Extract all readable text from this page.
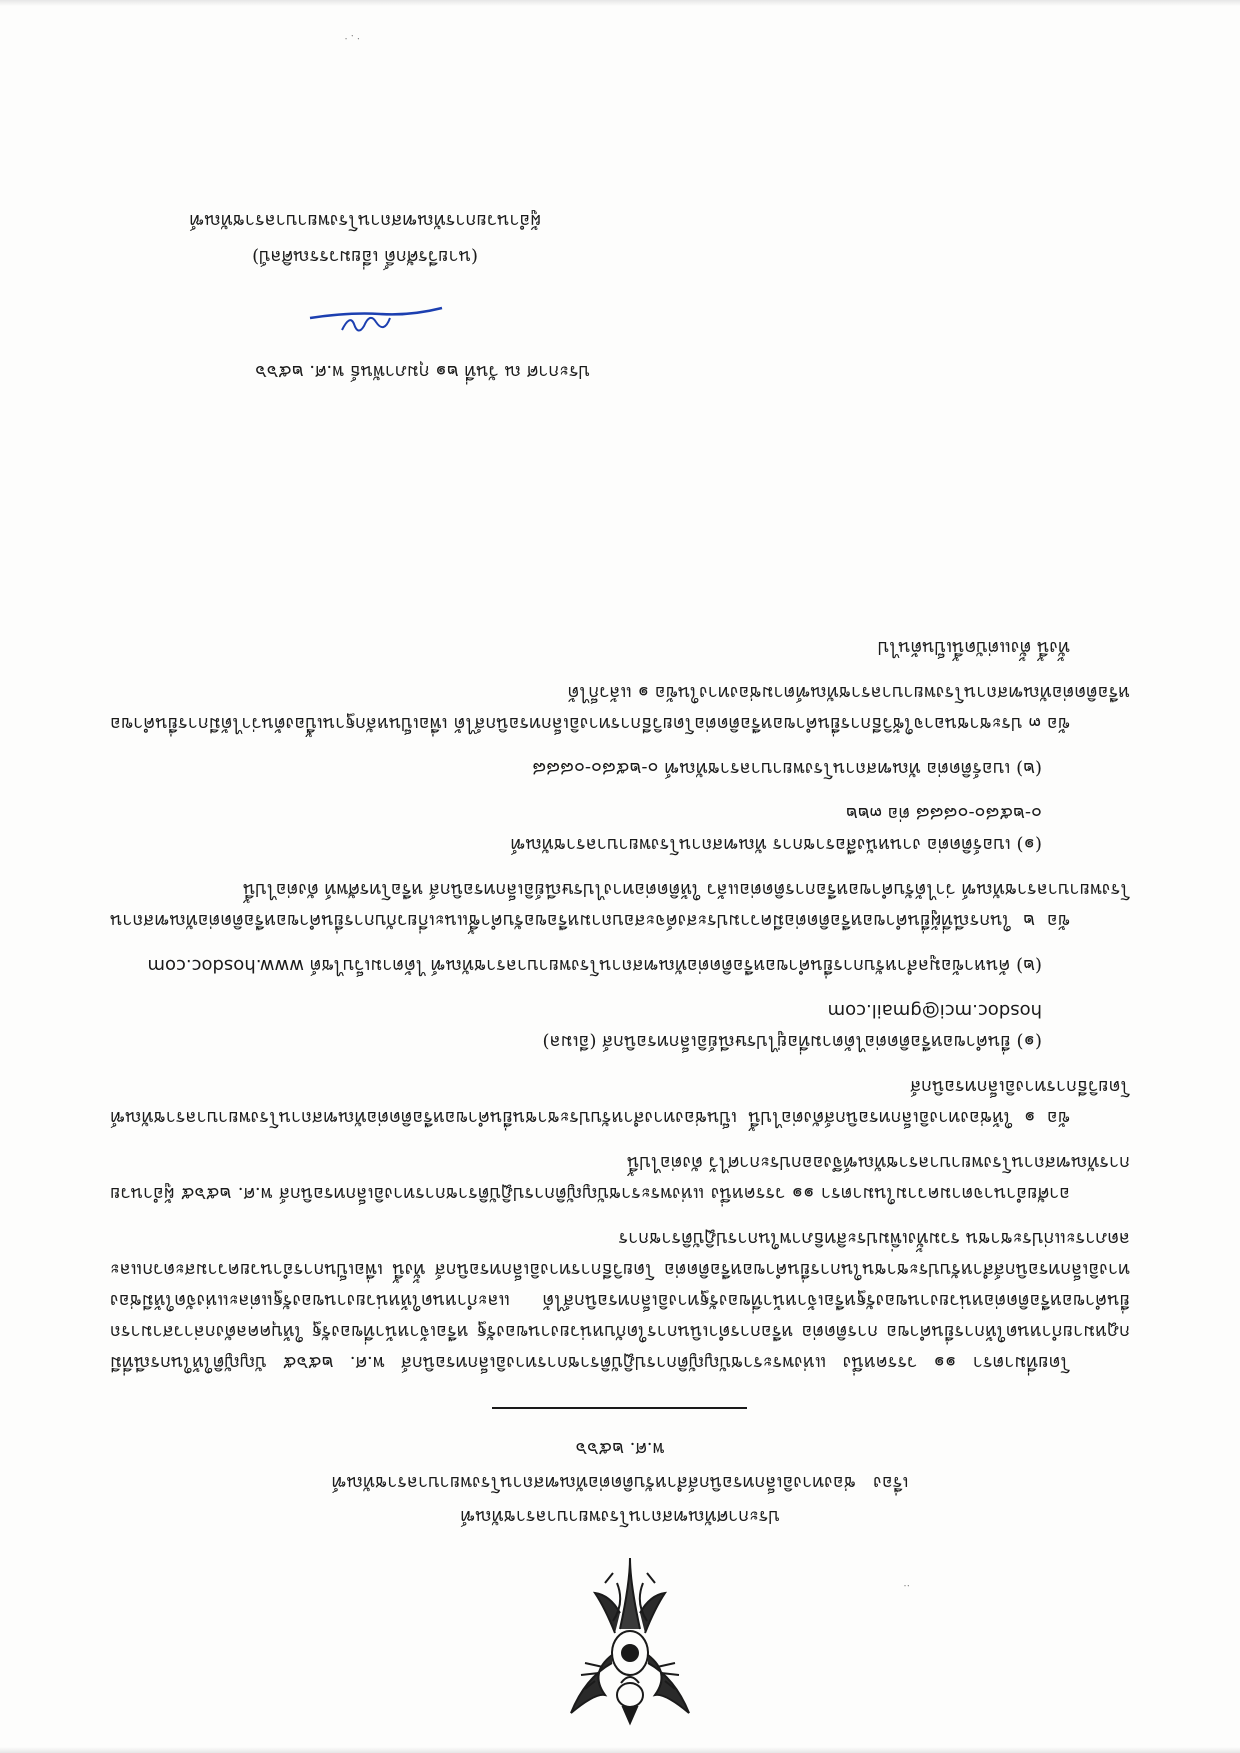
ประกาศทัณฑสถานโรงพยาบาลราชทัณฑ์
เรื่อง   ช่องทางอิเล็กทรอนิกส์สำหรับติดต่อทัณฑสถานโรงพยาบาลราชทัณฑ์
พ.ศ. ๒๕๖๖

โดยที่มาตรา ๑๑ วรรคหนึ่ง แห่งพระราชบัญญัติการปฏิบัติราชการทางอิเล็กทรอนิกส์ พ.ศ. ๒๕๖๕ บัญญัติให้ในกรณีที่มีกฎหมายกำหนดให้การยื่นคำขอ การติดต่อ หรือการดำเนินการใดกับหน่วยงานของรัฐ หรือเจ้าหน้าที่ของรัฐ ให้บุคคลดังกล่าวสามารถยื่นคำขอหรือติดต่อหน่วยงานของรัฐหรือเจ้าหน้าที่ของรัฐทางอิเล็กทรอนิกส์ได้ และกำหนดให้หน่วยงานของรัฐแต่ละแห่งจัดให้มีช่องทางอิเล็กทรอนิกส์สำหรับประชาชนในการยื่นคำขอหรือติดต่อ โดยวิธีการทางอิเล็กทรอนิกส์ ทั้งนี้ เพื่อเป็นการอำนวยความสะดวกและลดภาระแก่ประชาชน รวมทั้งเพิ่มประสิทธิภาพในการปฏิบัติราชการ

อาศัยอำนาจตามความในมาตรา ๑๑ วรรคหนึ่ง แห่งพระราชบัญญัติการปฏิบัติราชการทางอิเล็กทรอนิกส์ พ.ศ. ๒๕๖๕ ผู้อำนวยการทัณฑสถานโรงพยาบาลราชทัณฑ์จึงออกประกาศไว้ ดังต่อไปนี้

ข้อ ๑ ให้ช่องทางอิเล็กทรอนิกส์ดังต่อไปนี้ เป็นช่องทางสำหรับประชาชนยื่นคำขอหรือติดต่อทัณฑสถานโรงพยาบาลราชทัณฑ์ โดยวิธีการทางอิเล็กทรอนิกส์

(๑) ยื่นคำขอหรือติดต่อได้ตามที่อยู่ไปรษณีย์อิเล็กทรอนิกส์ (อีเมล)
hosdoc.mci@gmail.com
(๒) ค้นหาข้อมูลสำหรับการยื่นคำขอหรือติดต่อทัณฑสถานโรงพยาบาลราชทัณฑ์ ได้ตามเว็บไซต์ www.hosdoc.com

ข้อ ๒ ในกรณีที่ผู้ยื่นคำขอหรือติดต่อมีความประสงค์จะสอบถามหรือขอรับคำชี้แนะเกี่ยวกับการยื่นคำขอหรือติดต่อทัณฑสถานโรงพยาบาลราชทัณฑ์ ว่าได้รับคำขอหรือการติดต่อแล้ว ให้ติดต่อทางไปรษณีย์อิเล็กทรอนิกส์ หรือโทรศัพท์ ดังต่อไปนี้

(๑) เบอร์ติดต่อ งานหนังสือราชการ ทัณฑสถานโรงพยาบาลราชทัณฑ์
๐-๒๕๘๐-๐๘๘๘ ต่อ ๓๒๒
(๒) เบอร์ติดต่อ ทัณฑสถานโรงพยาบาลราชทัณฑ์ ๐-๒๕๘๐-๐๘๘๘

ข้อ ๓ ประชาชนอาจใช้วิธีการยื่นคำขอหรือติดต่อโดยวิธีการทางอิเล็กทรอนิกส์ได้ เพื่อเป็นหลักฐานเบื้องต้นว่าได้มีการยื่นคำขอหรือติดต่อทัณฑสถานโรงพยาบาลราชทัณฑ์ตามช่องทางในข้อ ๑ แล้วก็ได้

ทั้งนี้ ตั้งแต่บัดนี้เป็นต้นไป

ประกาศ ณ วันที่ ๒๑ กุมภาพันธ์ พ.ศ. ๒๕๖๖
(นายวีรศักดิ์ เอี่ยมวรรณศิลป์)
ผู้อำนวยการทัณฑสถานโรงพยาบาลราชทัณฑ์
·.·
‥
